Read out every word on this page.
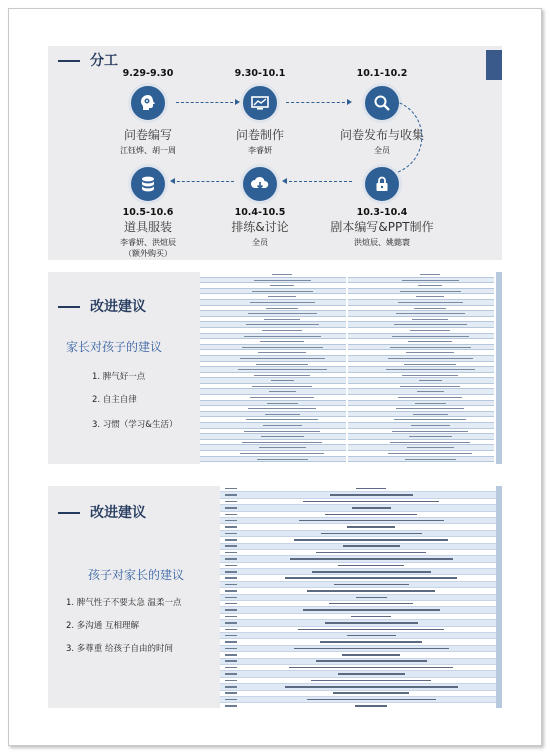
分工
9.29-9.30
问卷编写
江钰烨、胡一周
9.30-10.1
问卷制作
李睿妍
10.1-10.2
问卷发布与收集
全员
10.5-10.6
道具服装
李睿妍、洪煊辰
（额外购买）
10.4-10.5
排练&讨论
全员
10.3-10.4
剧本编写&PPT制作
洪煊辰、姚懿寰
改进建议
家长对孩子的建议
1. 脾气好一点
2. 自主自律
3. 习惯（学习&生活）
改进建议
孩子对家长的建议
1. 脾气性子不要太急 温柔一点
2. 多沟通 互相理解
3. 多尊重 给孩子自由的时间
